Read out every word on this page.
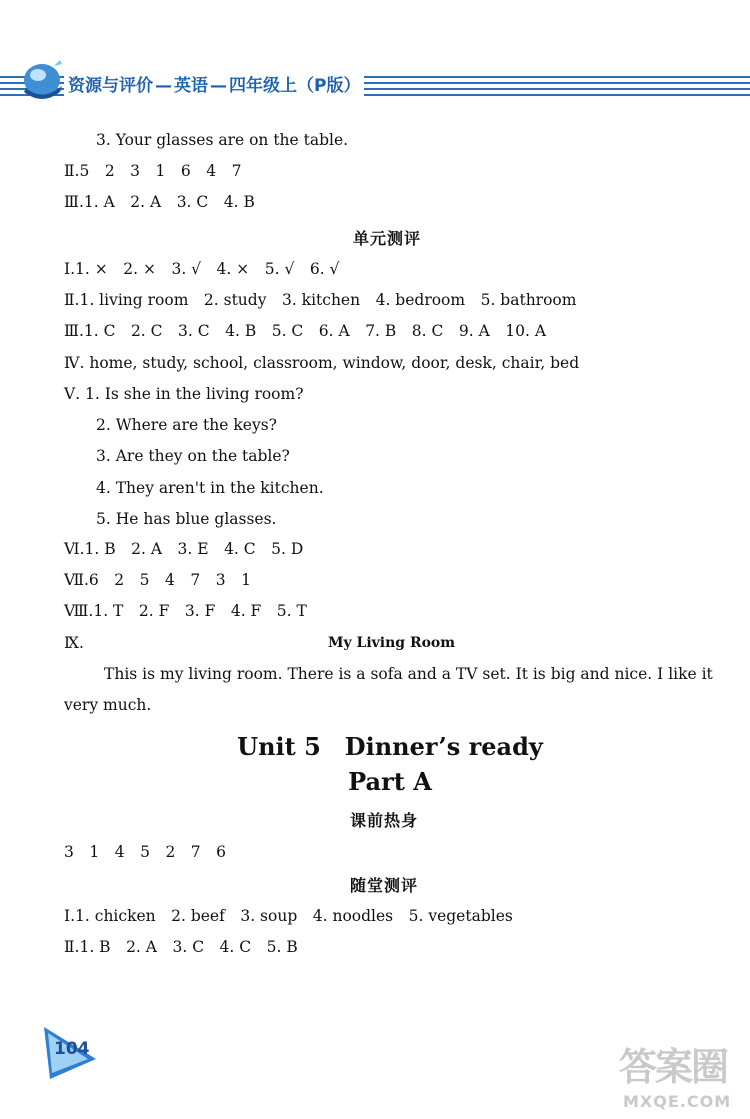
资源与评价 — 英语 — 四年级上（P版）
3. Your glasses are on the table.
Ⅱ.5　2　3　1　6　4　7
Ⅲ.1. A　2. A　3. C　4. B
单元测评
Ⅰ.1. ×　2. ×　3. √　4. ×　5. √　6. √
Ⅱ.1. living room　2. study　3. kitchen　4. bedroom　5. bathroom
Ⅲ.1. C　2. C　3. C　4. B　5. C　6. A　7. B　8. C　9. A　10. A
Ⅳ. home, study, school, classroom, window, door, desk, chair, bed
Ⅴ. 1. Is she in the living room?
2. Where are the keys?
3. Are they on the table?
4. They aren't in the kitchen.
5. He has blue glasses.
Ⅵ.1. B　2. A　3. E　4. C　5. D
Ⅶ.6　2　5　4　7　3　1
Ⅷ.1. T　2. F　3. F　4. F　5. T
Ⅸ.	My Living Room
This is my living room. There is a sofa and a TV set. It is big and nice. I like it
very much.
Unit 5　Dinner’s ready
Part A
课前热身
3　1　4　5　2　7　6
随堂测评
Ⅰ.1. chicken　2. beef　3. soup　4. noodles　5. vegetables
Ⅱ.1. B　2. A　3. C　4. C　5. B
104	答案圈
MXQE.COM
